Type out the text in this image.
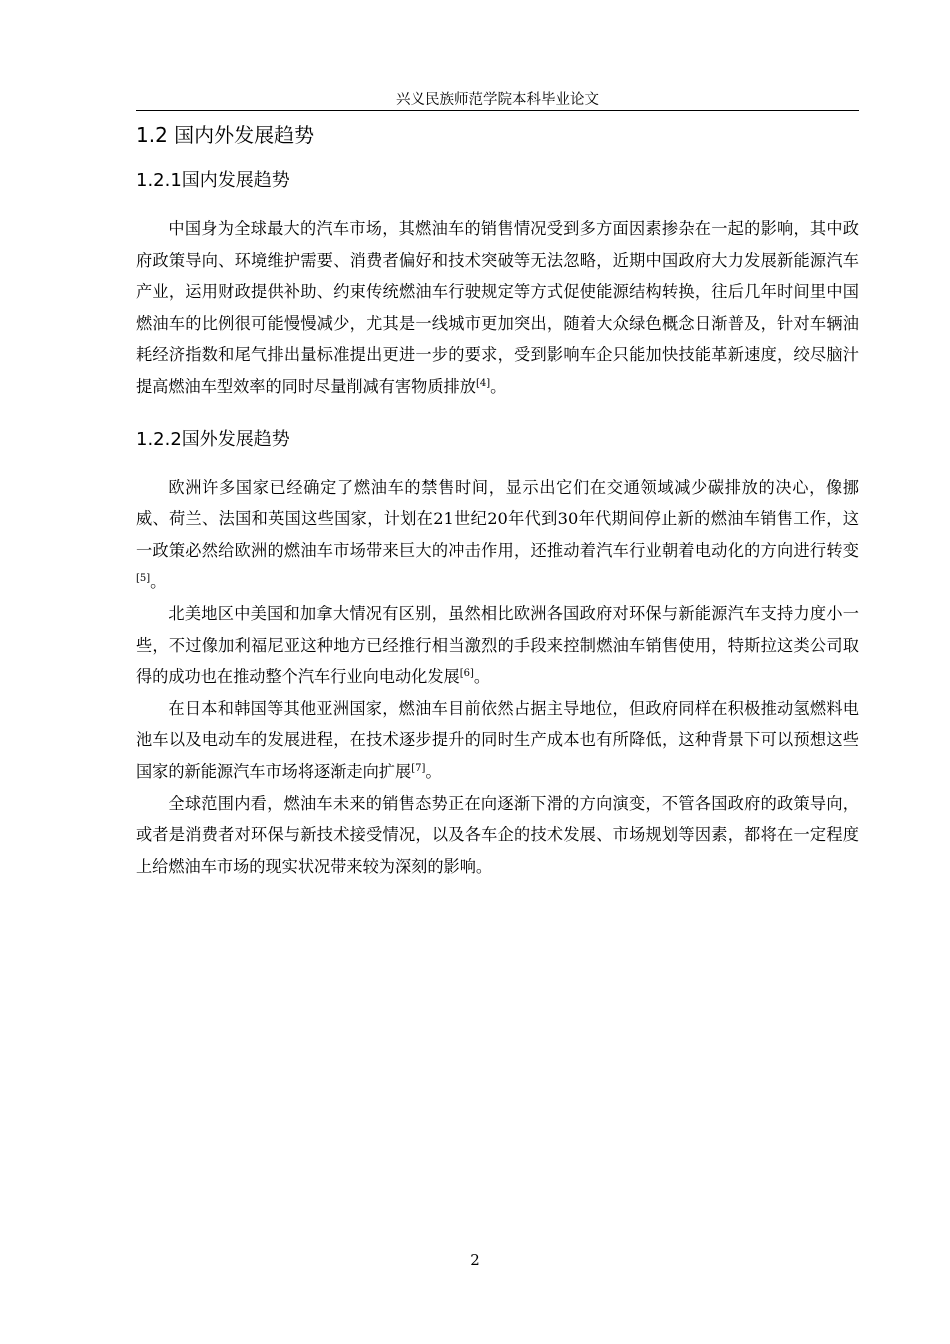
兴义民族师范学院本科毕业论文
1.2 国内外发展趋势
1.2.1国内发展趋势

中国身为全球最大的汽车市场，其燃油车的销售情况受到多方面因素掺杂在一起的影响，其中政府政策导向、环境维护需要、消费者偏好和技术突破等无法忽略，近期中国政府大力发展新能源汽车产业，运用财政提供补助、约束传统燃油车行驶规定等方式促使能源结构转换，往后几年时间里中国燃油车的比例很可能慢慢减少，尤其是一线城市更加突出，随着大众绿色概念日渐普及，针对车辆油耗经济指数和尾气排出量标准提出更进一步的要求，受到影响车企只能加快技能革新速度，绞尽脑汁提高燃油车型效率的同时尽量削减有害物质排放[4]。

1.2.2国外发展趋势

欧洲许多国家已经确定了燃油车的禁售时间，显示出它们在交通领域减少碳排放的决心，像挪威、荷兰、法国和英国这些国家，计划在21世纪20年代到30年代期间停止新的燃油车销售工作，这一政策必然给欧洲的燃油车市场带来巨大的冲击作用，还推动着汽车行业朝着电动化的方向进行转变[5]。

北美地区中美国和加拿大情况有区别，虽然相比欧洲各国政府对环保与新能源汽车支持力度小一些，不过像加利福尼亚这种地方已经推行相当激烈的手段来控制燃油车销售使用，特斯拉这类公司取得的成功也在推动整个汽车行业向电动化发展[6]。

在日本和韩国等其他亚洲国家，燃油车目前依然占据主导地位，但政府同样在积极推动氢燃料电池车以及电动车的发展进程，在技术逐步提升的同时生产成本也有所降低，这种背景下可以预想这些国家的新能源汽车市场将逐渐走向扩展[7]。

全球范围内看，燃油车未来的销售态势正在向逐渐下滑的方向演变，不管各国政府的政策导向，或者是消费者对环保与新技术接受情况，以及各车企的技术发展、市场规划等因素，都将在一定程度上给燃油车市场的现实状况带来较为深刻的影响。

2
